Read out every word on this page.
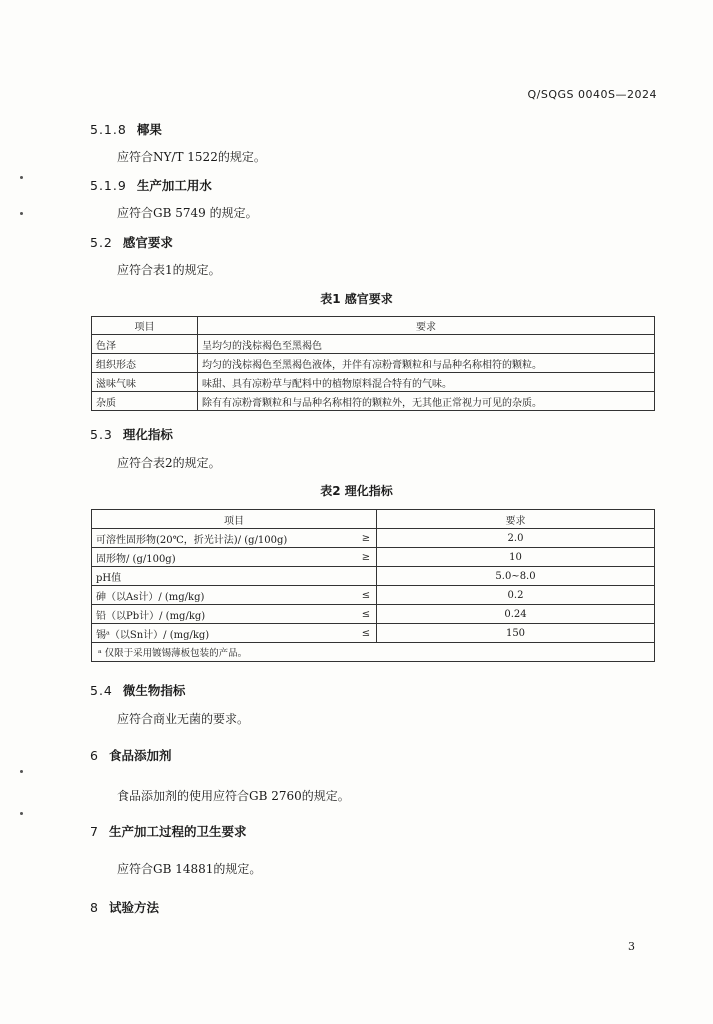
Q/SQGS 0040S—2024
5.1.8 椰果
应符合NY/T 1522的规定。
5.1.9 生产加工用水
应符合GB 5749 的规定。
5.2 感官要求
应符合表1的规定。
表1 感官要求
项目	要求
色泽	呈均匀的浅棕褐色至黑褐色
组织形态	均匀的浅棕褐色至黑褐色液体，并伴有凉粉膏颗粒和与品种名称相符的颗粒。
滋味气味	味甜、具有凉粉草与配料中的植物原料混合特有的气味。
杂质	除有有凉粉膏颗粒和与品种名称相符的颗粒外，无其他正常视力可见的杂质。
5.3 理化指标
应符合表2的规定。
表2 理化指标
项目		要求
可溶性固形物(20℃，折光计法)/ (g/100g)	≥	2.0
固形物/ (g/100g)	≥	10
pH值		5.0~8.0
砷（以As计）/ (mg/kg)	≤	0.2
铅（以Pb计）/ (mg/kg)	≤	0.24
锡ᵃ（以Sn计）/ (mg/kg)	≤	150
ᵃ 仅限于采用镀锡薄板包装的产品。		
5.4 微生物指标
应符合商业无菌的要求。
6 食品添加剂
食品添加剂的使用应符合GB 2760的规定。
7 生产加工过程的卫生要求
应符合GB 14881的规定。
8 试验方法
3
